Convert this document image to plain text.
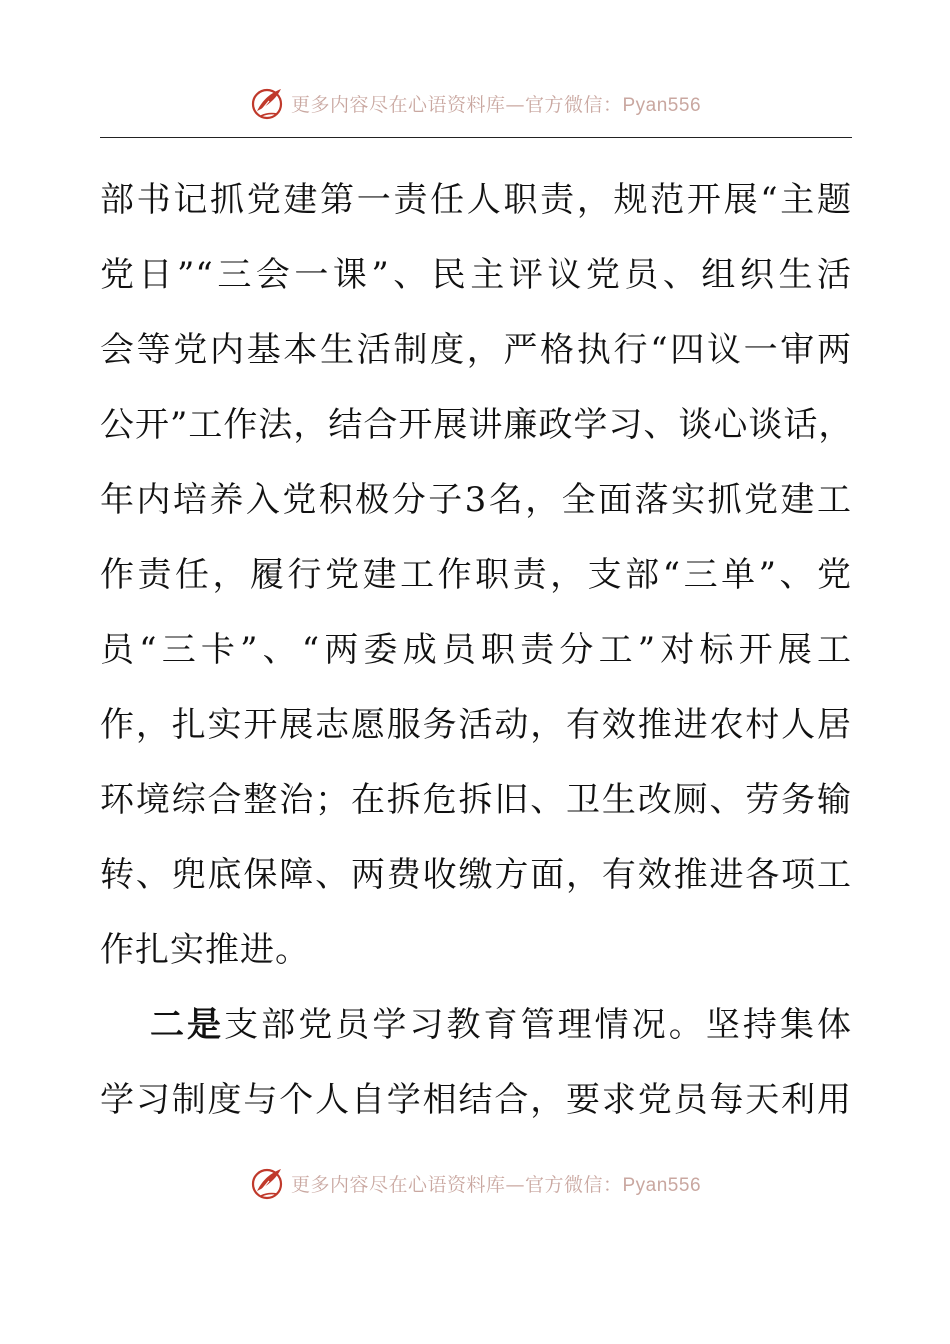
更多内容尽在心语资料库—官方微信：Pyan556
部书记抓党建第一责任人职责，规范开展“主题
党日”“三会一课”、民主评议党员、组织生活
会等党内基本生活制度，严格执行“四议一审两
公开”工作法，结合开展讲廉政学习、谈心谈话，
年内培养入党积极分子3名，全面落实抓党建工
作责任，履行党建工作职责，支部“三单”、党
员“三卡”、“两委成员职责分工”对标开展工
作，扎实开展志愿服务活动，有效推进农村人居
环境综合整治；在拆危拆旧、卫生改厕、劳务输
转、兜底保障、两费收缴方面，有效推进各项工
作扎实推进。
二是支部党员学习教育管理情况。坚持集体
学习制度与个人自学相结合，要求党员每天利用
更多内容尽在心语资料库—官方微信：Pyan556
